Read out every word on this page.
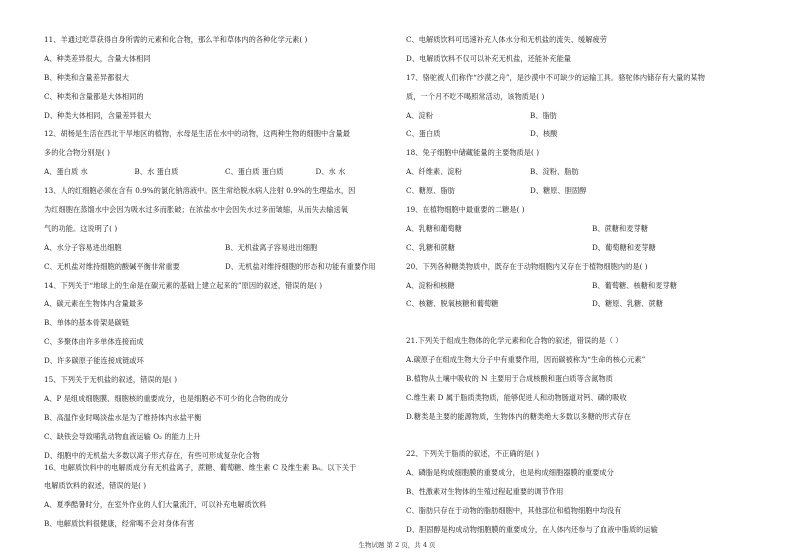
11、羊通过吃草获得自身所需的元素和化合物，那么羊和草体内的各种化学元素( )
A、种类差异很大，含量大体相同
B、种类和含量差异都很大
C、种类和含量都是大体相同的
D、种类大体相同，含量差异很大
12、胡杨是生活在西北干旱地区的植物，水母是生活在水中的动物，这两种生物的细胞中含量最
多的化合物分别是( )
A、蛋白质 水	B、水 蛋白质	C、蛋白质 蛋白质	D、水 水
13、人的红细胞必须在含有 0.9%的氯化钠溶液中。医生常给脱水病人注射 0.9%的生理盐水，因
为红细胞在蒸馏水中会因为吸水过多而胀破；在浓盐水中会因失水过多而皱缩，从而失去输送氧
气的功能。这说明了( )
A、水分子容易进出细胞	B、无机盐离子容易进出细胞
C、无机盐对维持细胞的酸碱平衡非常重要	D、无机盐对维持细胞的形态和功能有重要作用
14、下列关于“地球上的生命是在碳元素的基础上建立起来的”原因的叙述，错误的是( )
A、碳元素在生物体内含量最多
B、单体的基本骨架是碳链
C、多聚体由许多单体连接而成
D、许多碳原子能连接成链或环
15、下列关于无机盐的叙述，错误的是( )
A、P 是组成细胞膜、细胞核的重要成分，也是细胞必不可少的化合物的成分
B、高温作业时喝淡盐水是为了维持体内水盐平衡
C、缺铁会导致哺乳动物血液运输 O₂ 的能力上升
D、细胞中的无机盐大多数以离子形式存在，有些可形成复杂化合物
16、电解质饮料中的电解质成分有无机盐离子，蔗糖、葡萄糖、维生素 C 及维生素 B₆。以下关于
电解质饮料的叙述，错误的是( )
A、夏季酷暑时分，在室外作业的人们大量流汗，可以补充电解质饮料
B、电解质饮料很健康，经常喝不会对身体有害
C、电解质饮料可迅速补充人体水分和无机盐的流失、缓解疲劳
D、电解质饮料不仅可以补充无机盐，还能补充能量
17、骆驼被人们称作“沙漠之舟”，是沙漠中不可缺少的运输工具。骆驼体内储存有大量的某物
质，一个月不吃不喝照常活动，该物质是( )
A、淀粉	B、脂肪
C、蛋白质	D、核酸
18、兔子细胞中储藏能量的主要物质是( )
A、纤维素、淀粉	B、淀粉、脂肪
C、糖原、脂肪	D、糖原、胆固醇
19、在植物细胞中最重要的二糖是( )
A、乳糖和葡萄糖	B、蔗糖和麦芽糖
C、乳糖和蔗糖	D、葡萄糖和麦芽糖
20、下列各种糖类物质中，既存在于动物细胞内又存在于植物细胞内的是( )
A、淀粉和核糖	B、葡萄糖、核糖和麦芽糖
C、核糖、脱氧核糖和葡萄糖	D、糖原、乳糖、蔗糖
21.下列关于组成生物体的化学元素和化合物的叙述，错误的是（ ）
A.碳原子在组成生物大分子中有重要作用，因而碳被称为“生命的核心元素”
B.植物从土壤中吸收的 N 主要用于合成核酸和蛋白质等含氮物质
C.维生素 D 属于脂质类物质，能够促进人和动物肠道对钙、磷的吸收
D.糖类是主要的能源物质，生物体内的糖类绝大多数以多糖的形式存在
22、下列关于脂质的叙述，不正确的是( )
A、磷脂是构成细胞膜的重要成分，也是构成细胞器膜的重要成分
B、性激素对生物体的生殖过程起重要的调节作用
C、脂肪只存在于动物的脂肪细胞中，其他部位和植物细胞中均没有
D、胆固醇是构成动物细胞膜的重要成分，在人体内还参与了血液中脂质的运输
生物试题 第 2 页，共 4 页
